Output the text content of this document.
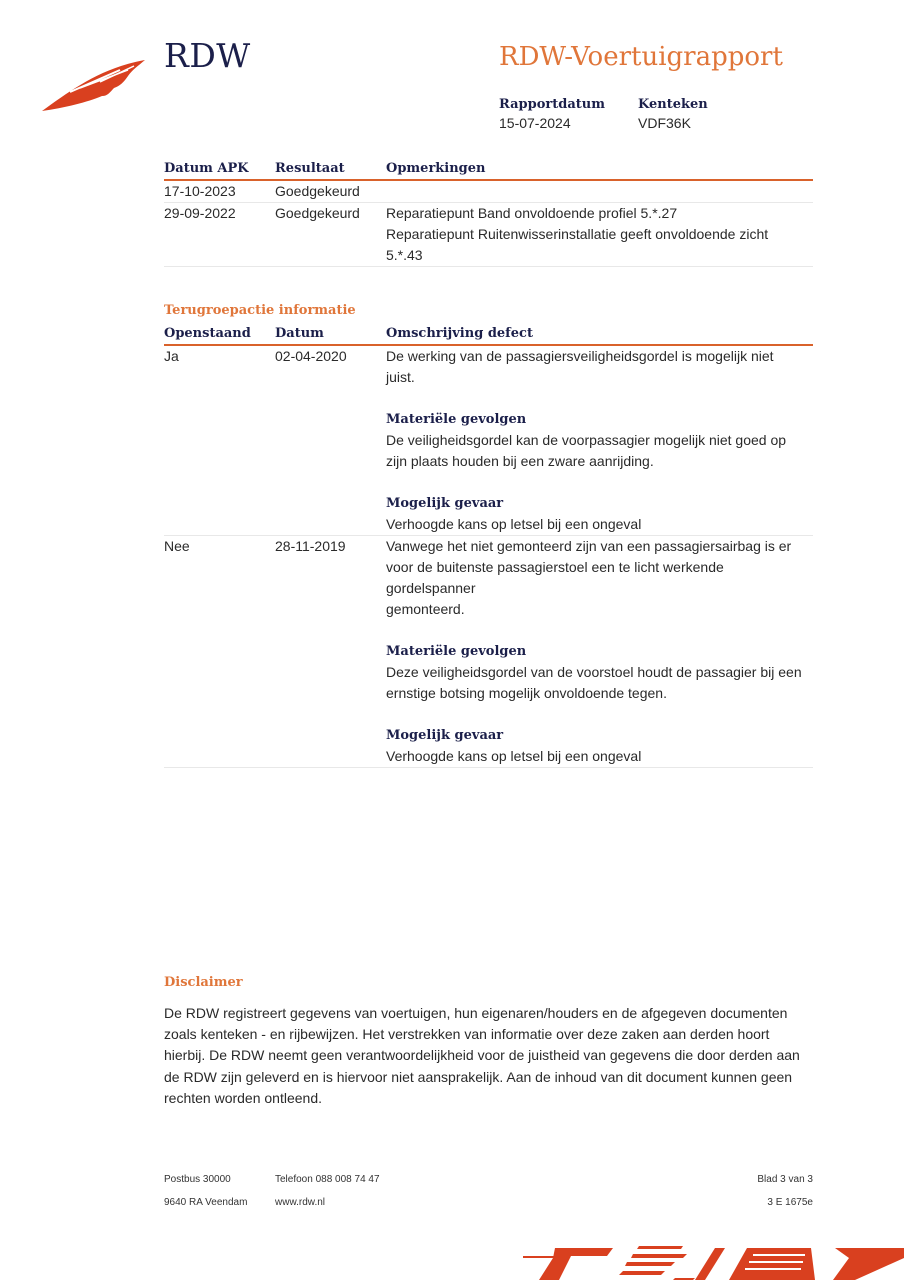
RDW	RDW-Voertuigrapport
Rapportdatum
15-07-2024
Kenteken
VDF36K
Datum APK	Resultaat	Opmerkingen
17-10-2023	Goedgekeurd
29-09-2022	Goedgekeurd	Reparatiepunt Band onvoldoende profiel 5.*.27
Reparatiepunt Ruitenwisserinstallatie geeft onvoldoende zicht
5.*.43
Terugroepactie informatie
Openstaand	Datum	Omschrijving defect
Ja	02-04-2020	De werking van de passagiersveiligheidsgordel is mogelijk niet
juist.
Materiële gevolgen
De veiligheidsgordel kan de voorpassagier mogelijk niet goed op
zijn plaats houden bij een zware aanrijding.
Mogelijk gevaar
Verhoogde kans op letsel bij een ongeval
Nee	28-11-2019	Vanwege het niet gemonteerd zijn van een passagiersairbag is er
voor de buitenste passagierstoel een te licht werkende gordelspanner
gemonteerd.
Materiële gevolgen
Deze veiligheidsgordel van de voorstoel houdt de passagier bij een
ernstige botsing mogelijk onvoldoende tegen.
Mogelijk gevaar
Verhoogde kans op letsel bij een ongeval
Disclaimer
De RDW registreert gegevens van voertuigen, hun eigenaren/houders en de afgegeven documenten zoals kenteken - en rijbewijzen. Het verstrekken van informatie over deze zaken aan derden hoort hierbij. De RDW neemt geen verantwoordelijkheid voor de juistheid van gegevens die door derden aan de RDW zijn geleverd en is hiervoor niet aansprakelijk. Aan de inhoud van dit document kunnen geen rechten worden ontleend.
Postbus 30000
9640 RA Veendam
Telefoon 088 008 74 47
www.rdw.nl
Blad 3 van 3
3 E 1675e
